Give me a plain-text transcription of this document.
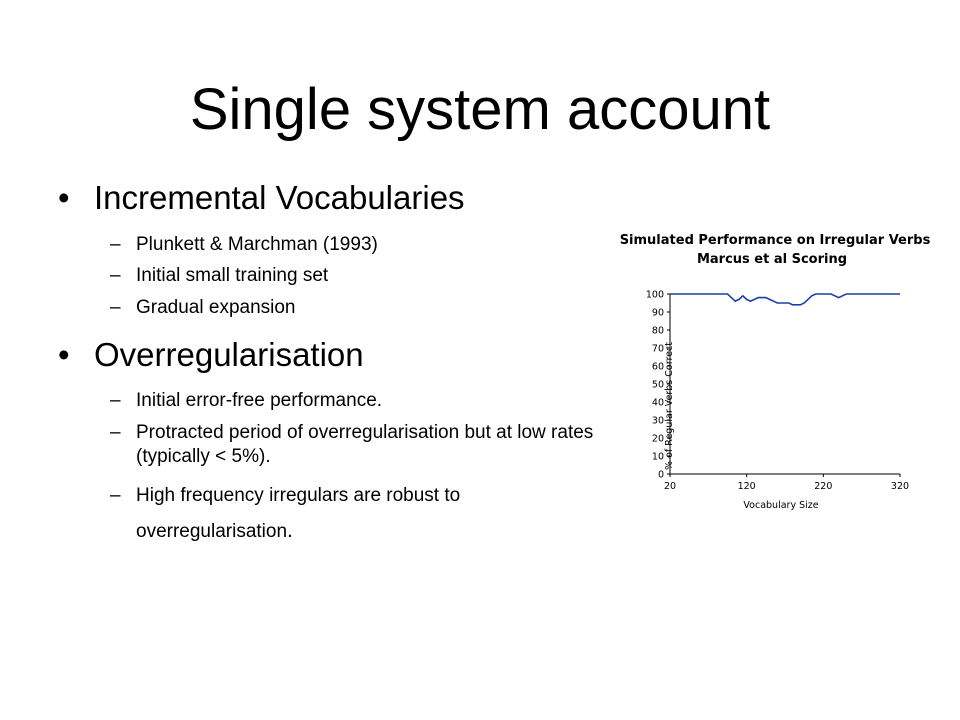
Single system account
• Incremental Vocabularies
– Plunkett & Marchman (1993)
– Initial small training set
– Gradual expansion
• Overregularisation
– Initial error-free performance.
– Protracted period of overregularisation but at low rates (typically < 5%).
– High frequency irregulars are robust to
overregularisation.
Simulated Performance on Irregular Verbs
Marcus et al Scoring
0
10
20
30
40
50
60
70
80
90
100
20	120	220	320
Vocabulary Size
% of Regular Verbs Correct
